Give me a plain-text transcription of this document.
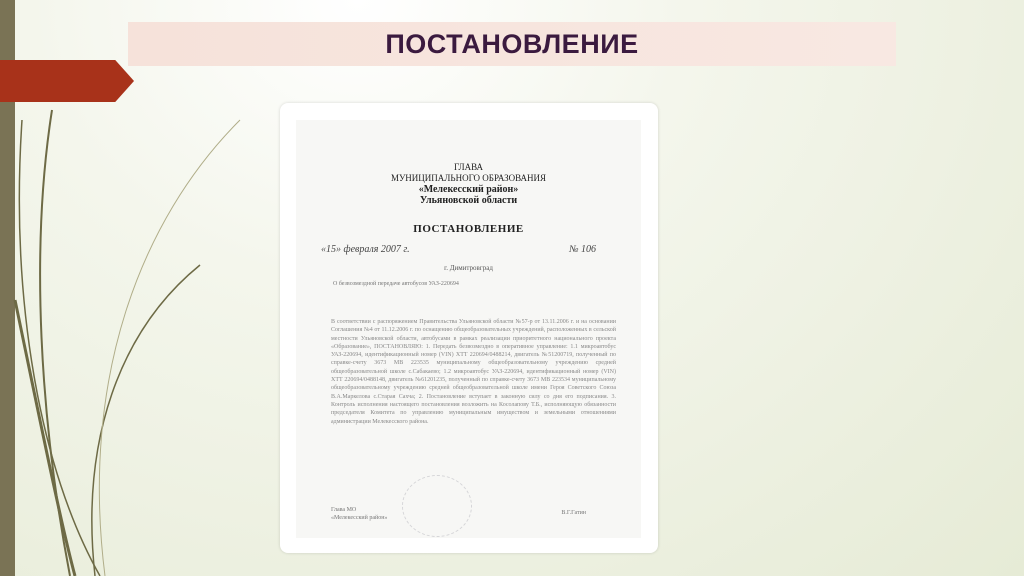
ПОСТАНОВЛЕНИЕ
ГЛАВА
МУНИЦИПАЛЬНОГО ОБРАЗОВАНИЯ
«Мелекесский район»
Ульяновской области
ПОСТАНОВЛЕНИЕ
«15» февраля 2007 г.	№ 106
г. Димитровград
О безвозмездной передаче автобусов УАЗ-220694
В соответствии с распоряжением Правительства Ульяновской области №57-р от 13.11.2006 г. и на основании Соглашения №4 от 11.12.2006 г. по оснащению общеобразовательных учреждений, расположенных в сельской местности Ульяновской области, автобусами в рамках реализации приоритетного национального проекта «Образование», ПОСТАНОВЛЯЮ: 1. Передать безвозмездно в оперативное управление: 1.1 микроавтобус УАЗ-220694, идентификационный номер (VIN) XTT 220694/0488214, двигатель №51200719, полученный по справке-счету 3673 МВ 223535 муниципальному общеобразовательному учреждению средней общеобразовательной школе с.Сабакаево; 1.2 микроавтобус УАЗ-220694, идентификационный номер (VIN) XTT 220694/0488148, двигатель №61201235, полученный по справке-счету 3673 МВ 223534 муниципальному общеобразовательному учреждению средней общеобразовательной школе имени Героя Советского Союза В.А.Маркелова с.Старая Сахча; 2. Постановление вступает в законную силу со дня его подписания. 3. Контроль исполнения настоящего постановления возложить на Косолапову Т.Б., исполняющую обязанности председателя Комитета по управлению муниципальным имуществом и земельными отношениями администрации Мелекесского района.
Глава МО
«Мелекесский район»
В.Г.Гатин
